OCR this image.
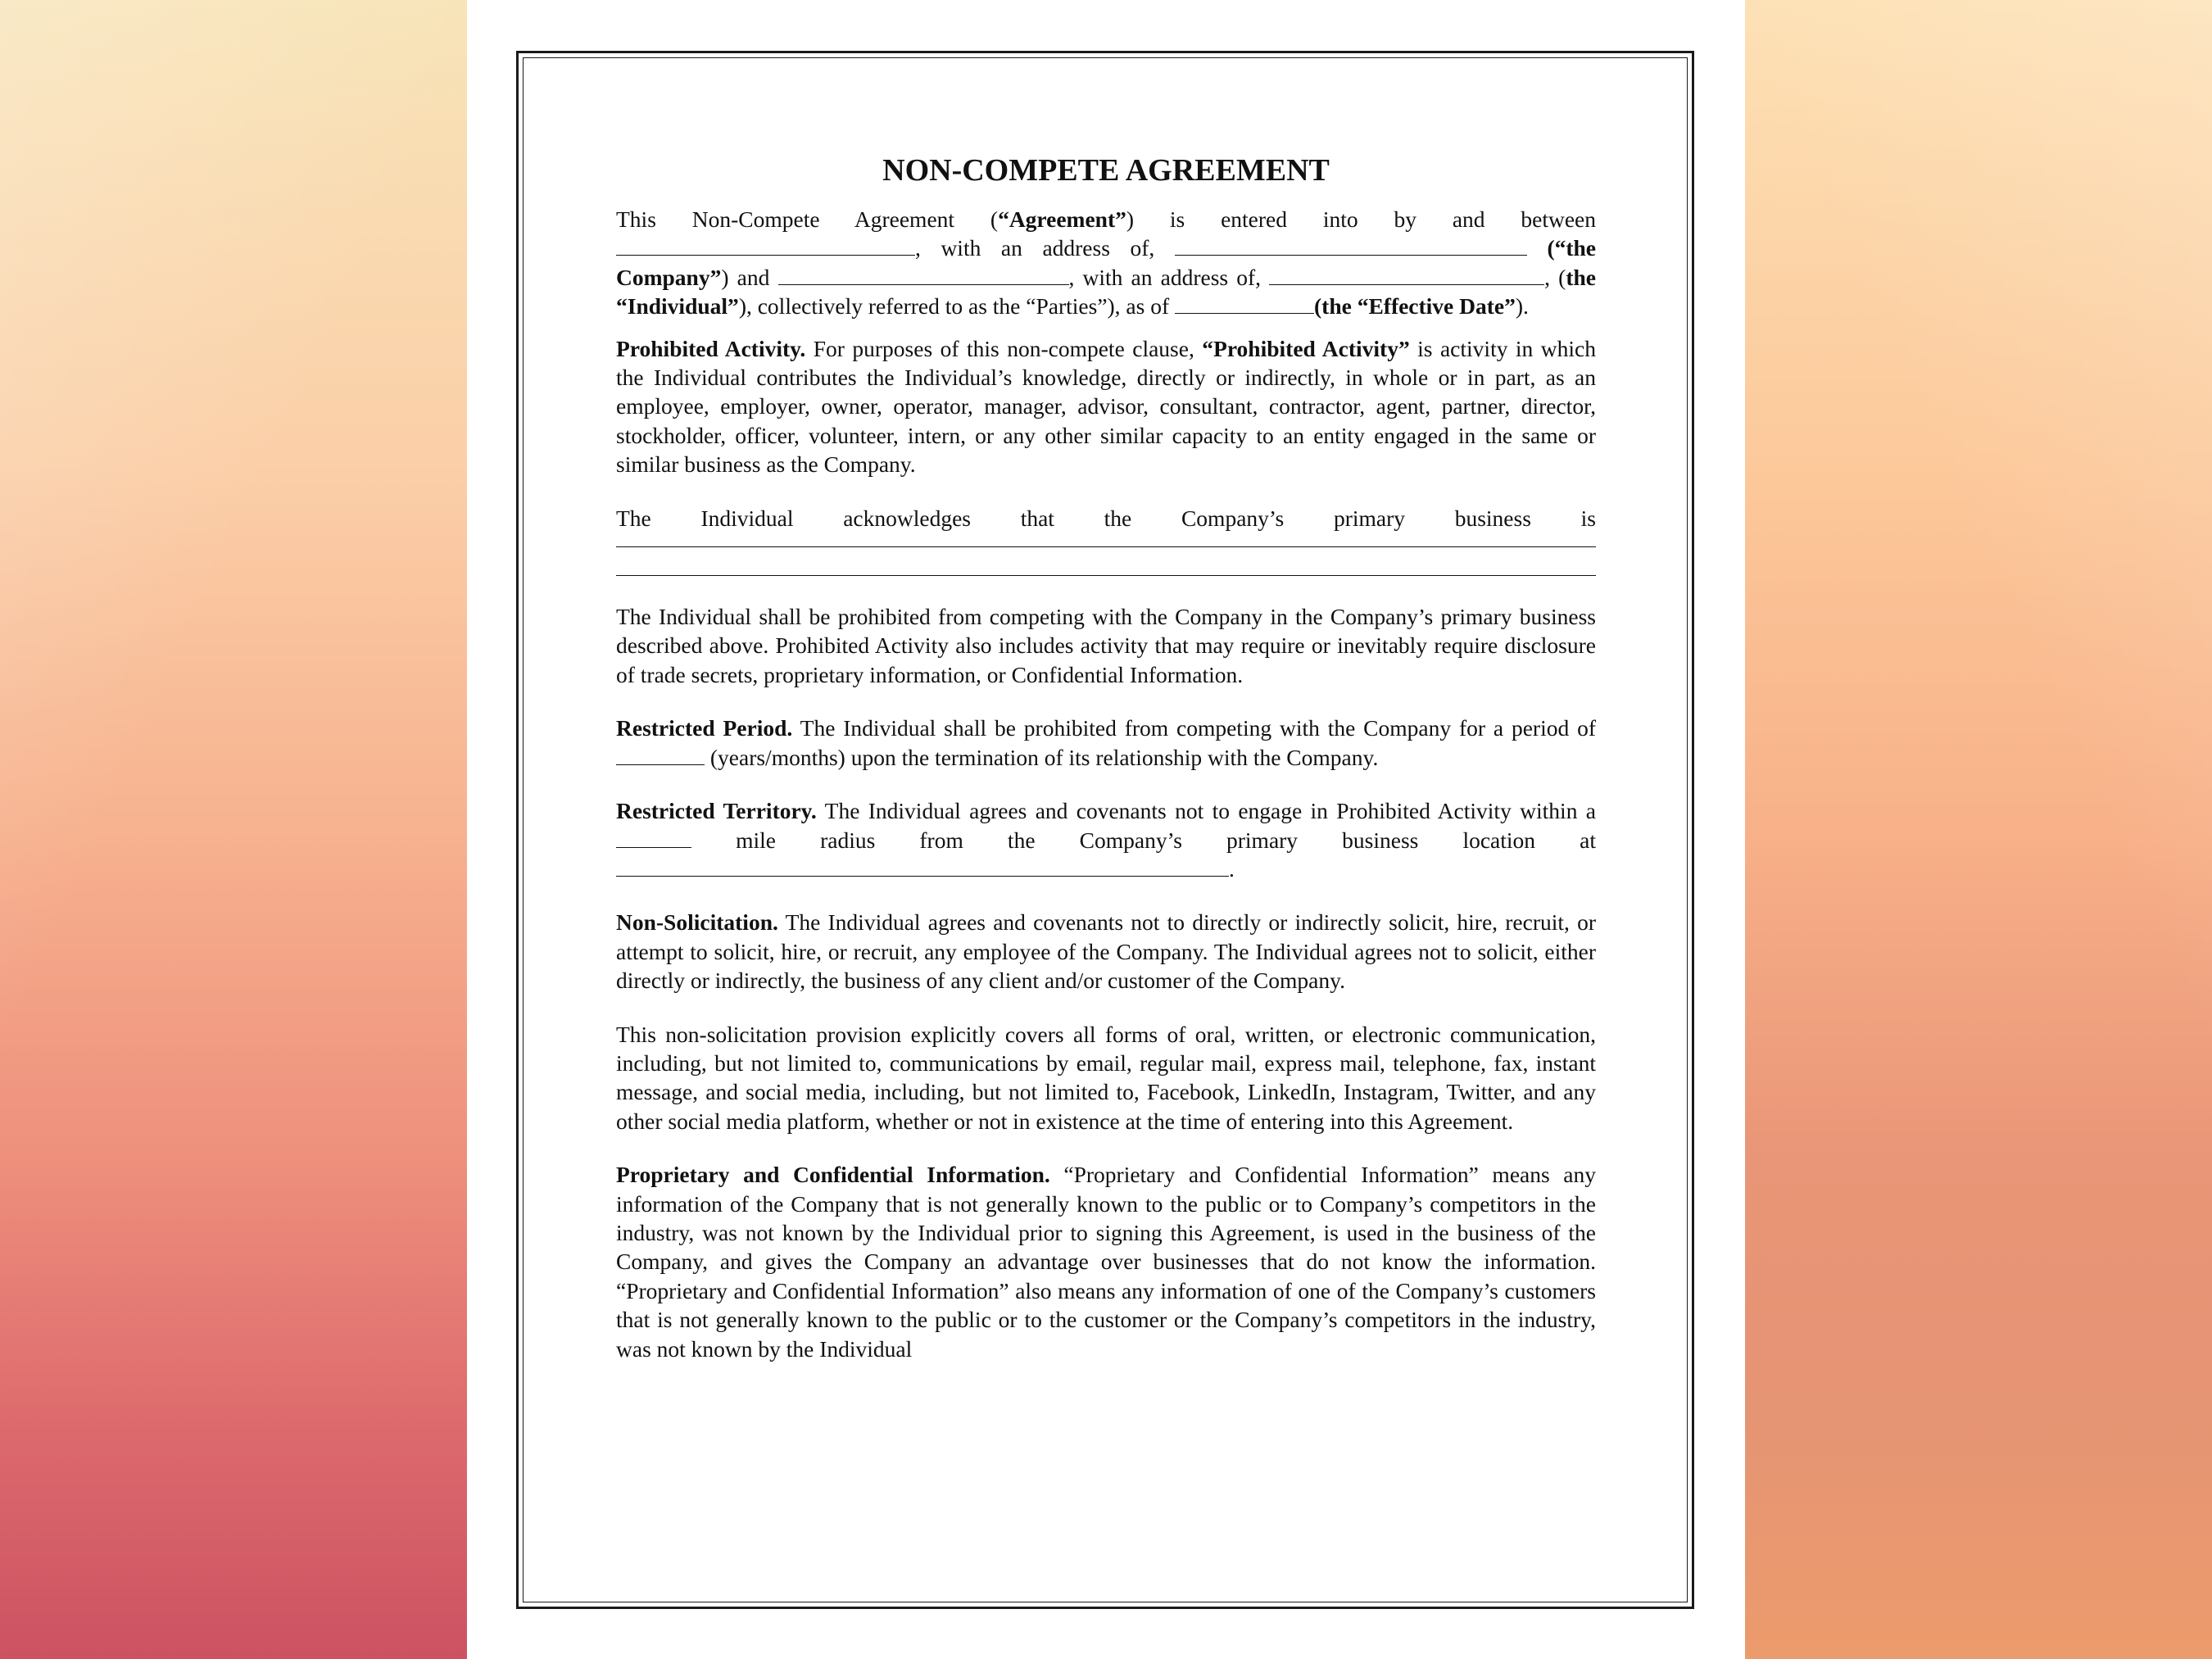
NON-COMPETE AGREEMENT

This Non-Compete Agreement (“Agreement”) is entered into by and between , with an address of,	(“the Company”) and	, with an address of,	, (the “Individual”), collectively referred to as the “Parties”), as of	(the “Effective Date”).

Prohibited Activity. For purposes of this non-compete clause, “Prohibited Activity” is activity in which the Individual contributes the Individual’s knowledge, directly or indirectly, in whole or in part, as an employee, employer, owner, operator, manager, advisor, consultant, contractor, agent, partner, director, stockholder, officer, volunteer, intern, or any other similar capacity to an entity engaged in the same or similar business as the Company.

The Individual acknowledges that the Company’s primary business is

The Individual shall be prohibited from competing with the Company in the Company’s primary business described above. Prohibited Activity also includes activity that may require or inevitably require disclosure of trade secrets, proprietary information, or Confidential Information.

Restricted Period. The Individual shall be prohibited from competing with the Company for a period of  (years/months) upon the termination of its relationship with the Company.

Restricted Territory. The Individual agrees and covenants not to engage in Prohibited Activity within a  mile radius from the Company’s primary business location at .

Non-Solicitation. The Individual agrees and covenants not to directly or indirectly solicit, hire, recruit, or attempt to solicit, hire, or recruit, any employee of the Company. The Individual agrees not to solicit, either directly or indirectly, the business of any client and/or customer of the Company.

This non-solicitation provision explicitly covers all forms of oral, written, or electronic communication, including, but not limited to, communications by email, regular mail, express mail, telephone, fax, instant message, and social media, including, but not limited to, Facebook, LinkedIn, Instagram, Twitter, and any other social media platform, whether or not in existence at the time of entering into this Agreement.

Proprietary and Confidential Information. “Proprietary and Confidential Information” means any information of the Company that is not generally known to the public or to Company’s competitors in the industry, was not known by the Individual prior to signing this Agreement, is used in the business of the Company, and gives the Company an advantage over businesses that do not know the information. “Proprietary and Confidential Information” also means any information of one of the Company’s customers that is not generally known to the public or to the customer or the Company’s competitors in the industry, was not known by the Individual
